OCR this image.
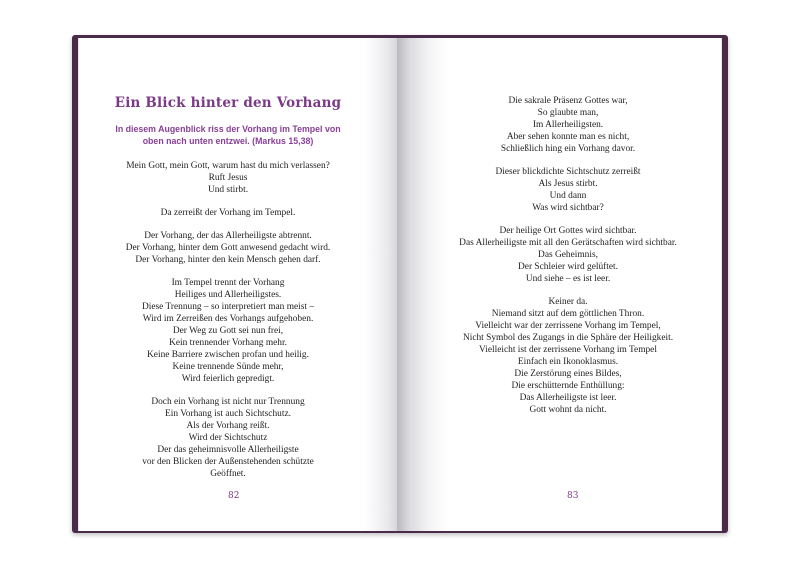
Ein Blick hinter den Vorhang
In diesem Augenblick riss der Vorhang im Tempel von
oben nach unten entzwei. (Markus 15,38)
Mein Gott, mein Gott, warum hast du mich verlassen?
Ruft Jesus
Und stirbt.
Da zerreißt der Vorhang im Tempel.
Der Vorhang, der das Allerheiligste abtrennt.
Der Vorhang, hinter dem Gott anwesend gedacht wird.
Der Vorhang, hinter den kein Mensch gehen darf.
Im Tempel trennt der Vorhang
Heiliges und Allerheiligstes.
Diese Trennung – so interpretiert man meist –
Wird im Zerreißen des Vorhangs aufgehoben.
Der Weg zu Gott sei nun frei,
Kein trennender Vorhang mehr.
Keine Barriere zwischen profan und heilig.
Keine trennende Sünde mehr,
Wird feierlich gepredigt.
Doch ein Vorhang ist nicht nur Trennung
Ein Vorhang ist auch Sichtschutz.
Als der Vorhang reißt.
Wird der Sichtschutz
Der das geheimnisvolle Allerheiligste
vor den Blicken der Außenstehenden schützte
Geöffnet.
82
Die sakrale Präsenz Gottes war,
So glaubte man,
Im Allerheiligsten.
Aber sehen konnte man es nicht,
Schließlich hing ein Vorhang davor.
Dieser blickdichte Sichtschutz zerreißt
Als Jesus stirbt.
Und dann
Was wird sichtbar?
Der heilige Ort Gottes wird sichtbar.
Das Allerheiligste mit all den Gerätschaften wird sichtbar.
Das Geheimnis,
Der Schleier wird gelüftet.
Und siehe – es ist leer.
Keiner da.
Niemand sitzt auf dem göttlichen Thron.
Vielleicht war der zerrissene Vorhang im Tempel,
Nicht Symbol des Zugangs in die Sphäre der Heiligkeit.
Vielleicht ist der zerrissene Vorhang im Tempel
Einfach ein Ikonoklasmus.
Die Zerstörung eines Bildes,
Die erschütternde Enthüllung:
Das Allerheiligste ist leer.
Gott wohnt da nicht.
83
